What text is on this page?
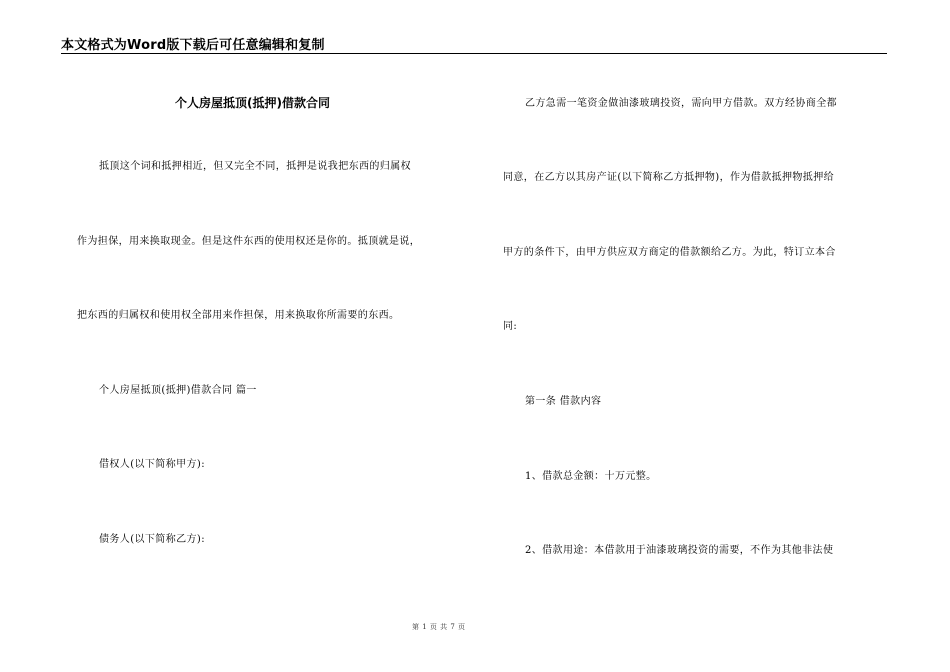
本文格式为Word版下载后可任意编辑和复制
个人房屋抵顶(抵押)借款合同
抵顶这个词和抵押相近，但又完全不同，抵押是说我把东西的归属权
作为担保，用来换取现金。但是这件东西的使用权还是你的。抵顶就是说，
把东西的归属权和使用权全部用来作担保，用来换取你所需要的东西。
个人房屋抵顶(抵押)借款合同 篇一
借权人(以下简称甲方):
债务人(以下简称乙方):
乙方急需一笔资金做油漆玻璃投资，需向甲方借款。双方经协商全都
同意，在乙方以其房产证(以下简称乙方抵押物)，作为借款抵押物抵押给
甲方的条件下，由甲方供应双方商定的借款额给乙方。为此，特订立本合
同:
第一条 借款内容
1、借款总金额：十万元整。
2、借款用途：本借款用于油漆玻璃投资的需要，不作为其他非法使
第 1 页 共 7 页
